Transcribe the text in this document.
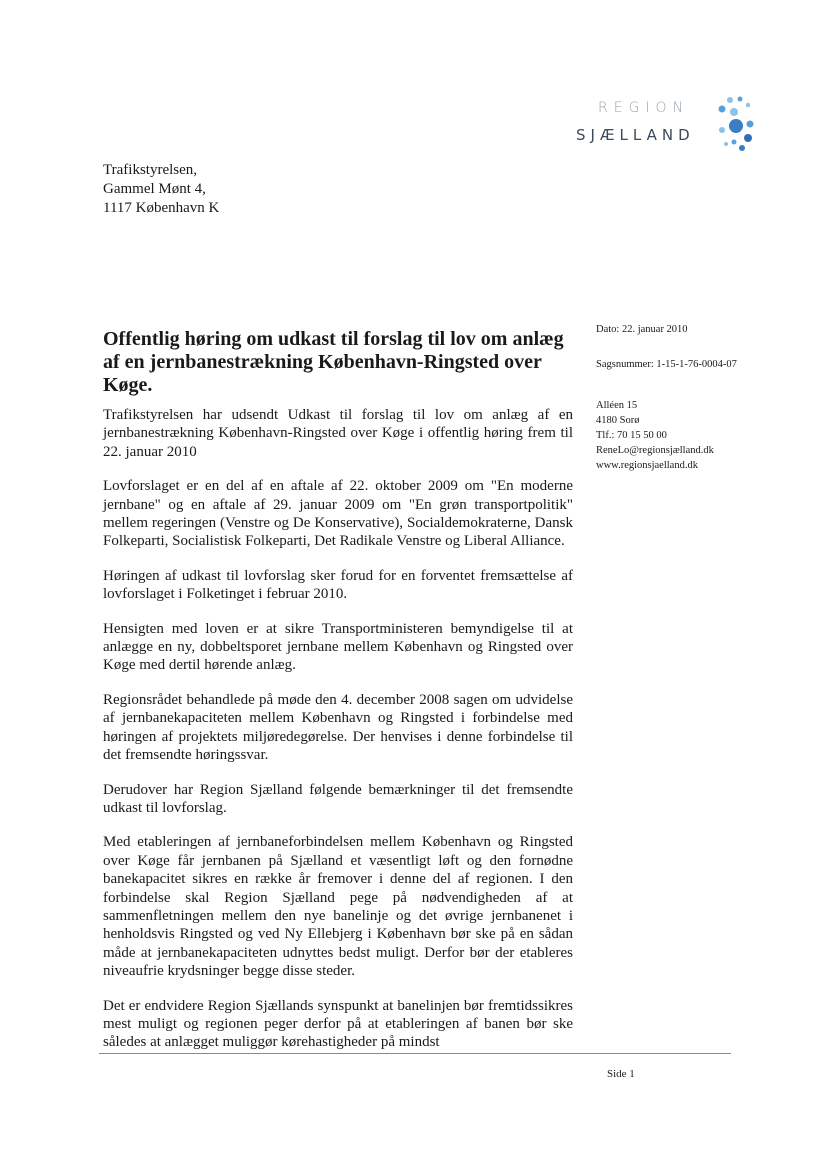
REGION
SJÆLLAND
Trafikstyrelsen,
Gammel Mønt 4,
1117 København K
Offentlig høring om udkast til forslag til lov om anlæg af en jernbanestrækning København-Ringsted over Køge.

Trafikstyrelsen har udsendt Udkast til forslag til lov om anlæg af en jernbanestrækning København-Ringsted over Køge i offentlig høring frem til 22. januar 2010

Lovforslaget er en del af en aftale af 22. oktober 2009 om "En moderne jernbane" og en aftale af 29. januar 2009 om "En grøn transportpolitik" mellem regeringen (Venstre og De Konservative), Socialdemokraterne, Dansk Folkeparti, Socialistisk Folkeparti, Det Radikale Venstre og Liberal Alliance.

Høringen af udkast til lovforslag sker forud for en forventet fremsættelse af lovforslaget i Folketinget i februar 2010.

Hensigten med loven er at sikre Transportministeren bemyndigelse til at anlægge en ny, dobbeltsporet jernbane mellem København og Ringsted over Køge med dertil hørende anlæg.

Regionsrådet behandlede på møde den 4. december 2008 sagen om udvidelse af jernbanekapaciteten mellem København og Ringsted i forbindelse med høringen af projektets miljøredegørelse. Der henvises i denne forbindelse til det fremsendte høringssvar.

Derudover har Region Sjælland følgende bemærkninger til det fremsendte udkast til lovforslag.

Med etableringen af jernbaneforbindelsen mellem København og Ringsted over Køge får jernbanen på Sjælland et væsentligt løft og den fornødne banekapacitet sikres en række år fremover i denne del af regionen. I den forbindelse skal Region Sjælland pege på nødvendigheden af at sammenfletningen mellem den nye banelinje og det øvrige jernbanenet i henholdsvis Ringsted og ved Ny Ellebjerg i København bør ske på en sådan måde at jernbanekapaciteten udnyttes bedst muligt. Derfor bør der etableres niveaufrie krydsninger begge disse steder.

Det er endvidere Region Sjællands synspunkt at banelinjen bør fremtidssikres mest muligt og regionen peger derfor på at etableringen af banen bør ske således at anlægget muliggør kørehastigheder på mindst

Dato: 22. januar 2010
Sagsnummer: 1-15-1-76-0004-07
Alléen 15
4180 Sorø
Tlf.: 70 15 50 00
ReneLo@regionsjælland.dk
www.regionsjaelland.dk
Side 1
